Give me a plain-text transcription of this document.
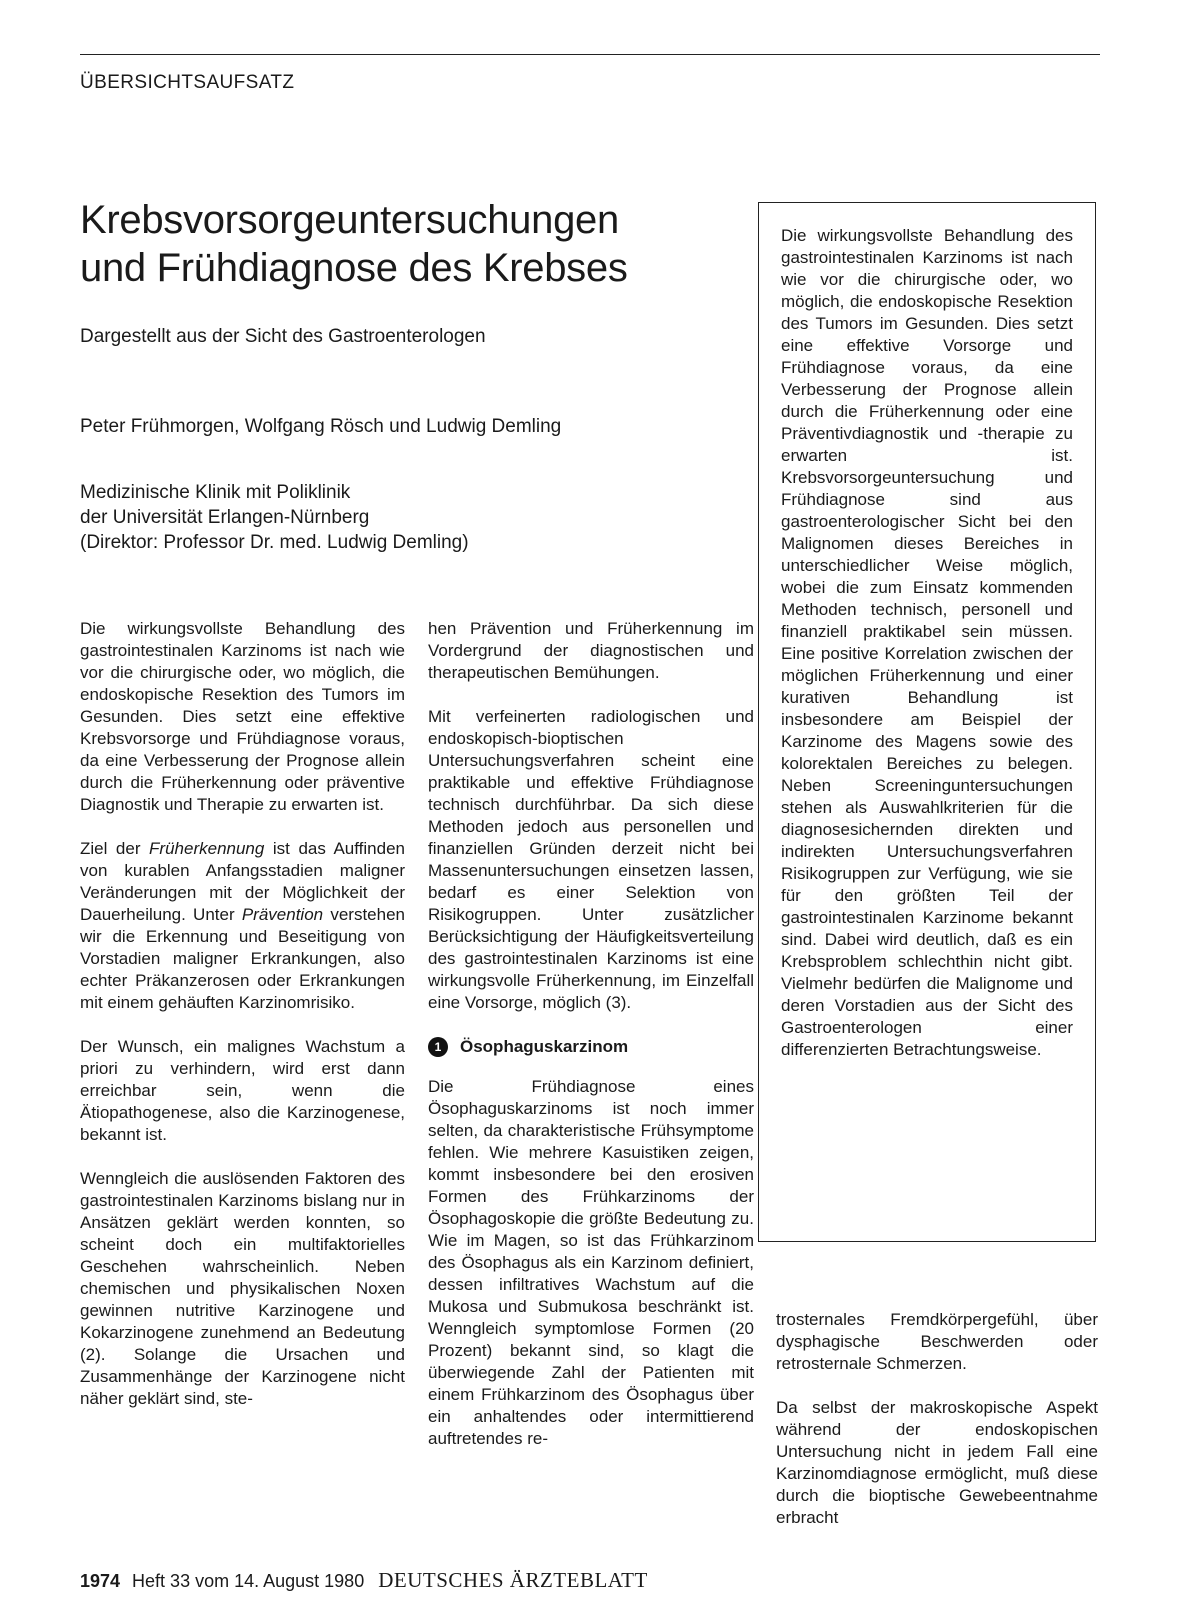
ÜBERSICHTSAUFSATZ
Krebsvorsorgeuntersuchungen
und Frühdiagnose des Krebses
Dargestellt aus der Sicht des Gastroenterologen
Peter Frühmorgen, Wolfgang Rösch und Ludwig Demling
Medizinische Klinik mit Poliklinik
der Universität Erlangen-Nürnberg
(Direktor: Professor Dr. med. Ludwig Demling)

Die wirkungsvollste Behandlung des gastrointestinalen Karzinoms ist nach wie vor die chirurgische oder, wo möglich, die endoskopische Resektion des Tumors im Gesunden. Dies setzt eine effektive Vorsorge und Frühdiagnose voraus, da eine Verbesserung der Prognose allein durch die Früherkennung oder eine Präventivdiagnostik und -therapie zu erwarten ist. Krebsvorsorgeuntersuchung und Frühdiagnose sind aus gastroenterologischer Sicht bei den Malignomen dieses Bereiches in unterschiedlicher Weise möglich, wobei die zum Einsatz kommenden Methoden technisch, personell und finanziell praktikabel sein müssen. Eine positive Korrelation zwischen der möglichen Früherkennung und einer kurativen Behandlung ist insbesondere am Beispiel der Karzinome des Magens sowie des kolorektalen Bereiches zu belegen. Neben Screeninguntersuchungen stehen als Auswahlkriterien für die diagnosesichernden direkten und indirekten Untersuchungsverfahren Risikogruppen zur Verfügung, wie sie für den größten Teil der gastrointestinalen Karzinome bekannt sind. Dabei wird deutlich, daß es ein Krebsproblem schlechthin nicht gibt. Vielmehr bedürfen die Malignome und deren Vorstadien aus der Sicht des Gastroenterologen einer differenzierten Betrachtungsweise.

Die wirkungsvollste Behandlung des gastrointestinalen Karzinoms ist nach wie vor die chirurgische oder, wo möglich, die endoskopische Resektion des Tumors im Gesunden. Dies setzt eine effektive Krebsvorsorge und Frühdiagnose voraus, da eine Verbesserung der Prognose allein durch die Früherkennung oder präventive Diagnostik und Therapie zu erwarten ist.

Ziel der Früherkennung ist das Auffinden von kurablen Anfangsstadien maligner Veränderungen mit der Möglichkeit der Dauerheilung. Unter Prävention verstehen wir die Erkennung und Beseitigung von Vorstadien maligner Erkrankungen, also echter Präkanzerosen oder Erkrankungen mit einem gehäuften Karzinomrisiko.

Der Wunsch, ein malignes Wachstum a priori zu verhindern, wird erst dann erreichbar sein, wenn die Ätiopathogenese, also die Karzinogenese, bekannt ist.

Wenngleich die auslösenden Faktoren des gastrointestinalen Karzinoms bislang nur in Ansätzen geklärt werden konnten, so scheint doch ein multifaktorielles Geschehen wahrscheinlich. Neben chemischen und physikalischen Noxen gewinnen nutritive Karzinogene und Kokarzinogene zunehmend an Bedeutung (2). Solange die Ursachen und Zusammenhänge der Karzinogene nicht näher geklärt sind, ste-

hen Prävention und Früherkennung im Vordergrund der diagnostischen und therapeutischen Bemühungen.

Mit verfeinerten radiologischen und endoskopisch-bioptischen Untersuchungsverfahren scheint eine praktikable und effektive Frühdiagnose technisch durchführbar. Da sich diese Methoden jedoch aus personellen und finanziellen Gründen derzeit nicht bei Massenuntersuchungen einsetzen lassen, bedarf es einer Selektion von Risikogruppen. Unter zusätzlicher Berücksichtigung der Häufigkeitsverteilung des gastrointestinalen Karzinoms ist eine wirkungsvolle Früherkennung, im Einzelfall eine Vorsorge, möglich (3).

1	Ösophaguskarzinom

Die Frühdiagnose eines Ösophaguskarzinoms ist noch immer selten, da charakteristische Frühsymptome fehlen. Wie mehrere Kasuistiken zeigen, kommt insbesondere bei den erosiven Formen des Frühkarzinoms der Ösophagoskopie die größte Bedeutung zu. Wie im Magen, so ist das Frühkarzinom des Ösophagus als ein Karzinom definiert, dessen infiltratives Wachstum auf die Mukosa und Submukosa beschränkt ist. Wenngleich symptomlose Formen (20 Prozent) bekannt sind, so klagt die überwiegende Zahl der Patienten mit einem Frühkarzinom des Ösophagus über ein anhaltendes oder intermittierend auftretendes re-

trosternales Fremdkörpergefühl, über dysphagische Beschwerden oder retrosternale Schmerzen.

Da selbst der makroskopische Aspekt während der endoskopischen Untersuchung nicht in jedem Fall eine Karzinomdiagnose ermöglicht, muß diese durch die bioptische Gewebeentnahme erbracht

1974 Heft 33 vom 14. August 1980 DEUTSCHES ÄRZTEBLATT
